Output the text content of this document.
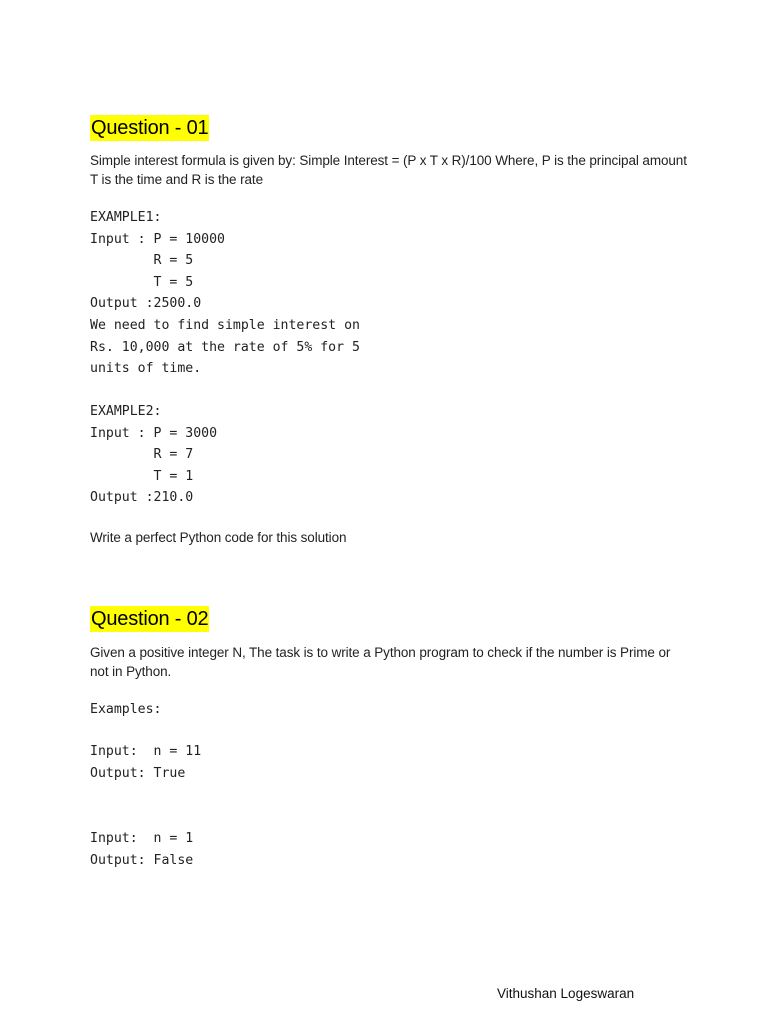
Question - 01
Simple interest formula is given by: Simple Interest = (P x T x R)/100 Where, P is the principal amount T is the time and R is the rate
EXAMPLE1:
Input : P = 10000
R = 5
T = 5
Output :2500.0
We need to find simple interest on
Rs. 10,000 at the rate of 5% for 5
units of time.
EXAMPLE2:
Input : P = 3000
R = 7
T = 1
Output :210.0
Write a perfect Python code for this solution
Question - 02
Given a positive integer N, The task is to write a Python program to check if the number is Prime or not in Python.
Examples:
Input:  n = 11
Output: True
Input:  n = 1
Output: False
Vithushan Logeswaran
